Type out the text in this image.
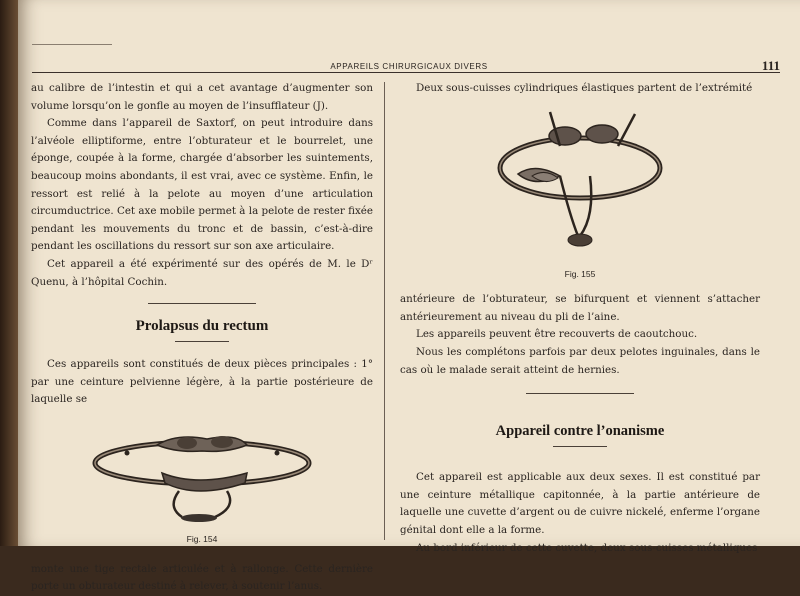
APPAREILS CHIRURGICAUX DIVERS	111

au calibre de l’intestin et qui a cet avantage d’augmenter son volume lorsqu’on le gonfle au moyen de l’insufflateur (J).

Comme dans l’appareil de Saxtorf, on peut introduire dans l’alvéole elliptiforme, entre l’obturateur et le bourrelet, une éponge, coupée à la forme, chargée d’absorber les suintements, beaucoup moins abondants, il est vrai, avec ce système. Enfin, le ressort est relié à la pelote au moyen d’une articulation circumductrice. Cet axe mobile permet à la pelote de rester fixée pendant les mouvements du tronc et de bassin, c’est-à-dire pendant les oscillations du ressort sur son axe articulaire.

Cet appareil a été expérimenté sur des opérés de M. le Dʳ Quenu, à l’hôpital Cochin.

Prolapsus du rectum

Ces appareils sont constitués de deux pièces principales : 1° par une ceinture pelvienne légère, à la partie postérieure de laquelle se

Fig. 154

monte une tige rectale articulée et à rallonge. Cette dernière porte un obturateur destiné à relever, à soutenir l’anus.

Deux sous-cuisses cylindriques élastiques partent de l’extrémité

Fig. 155

antérieure de l’obturateur, se bifurquent et viennent s’attacher antérieurement au niveau du pli de l’aine.

Les appareils peuvent être recouverts de caoutchouc.

Nous les complétons parfois par deux pelotes inguinales, dans le cas où le malade serait atteint de hernies.

Appareil contre l’onanisme

Cet appareil est applicable aux deux sexes. Il est constitué par une ceinture métallique capitonnée, à la partie antérieure de laquelle une cuvette d’argent ou de cuivre nickelé, enferme l’organe génital dont elle a la forme.

Au bord inférieur de cette cuvette, deux sous-cuisses métalliques
